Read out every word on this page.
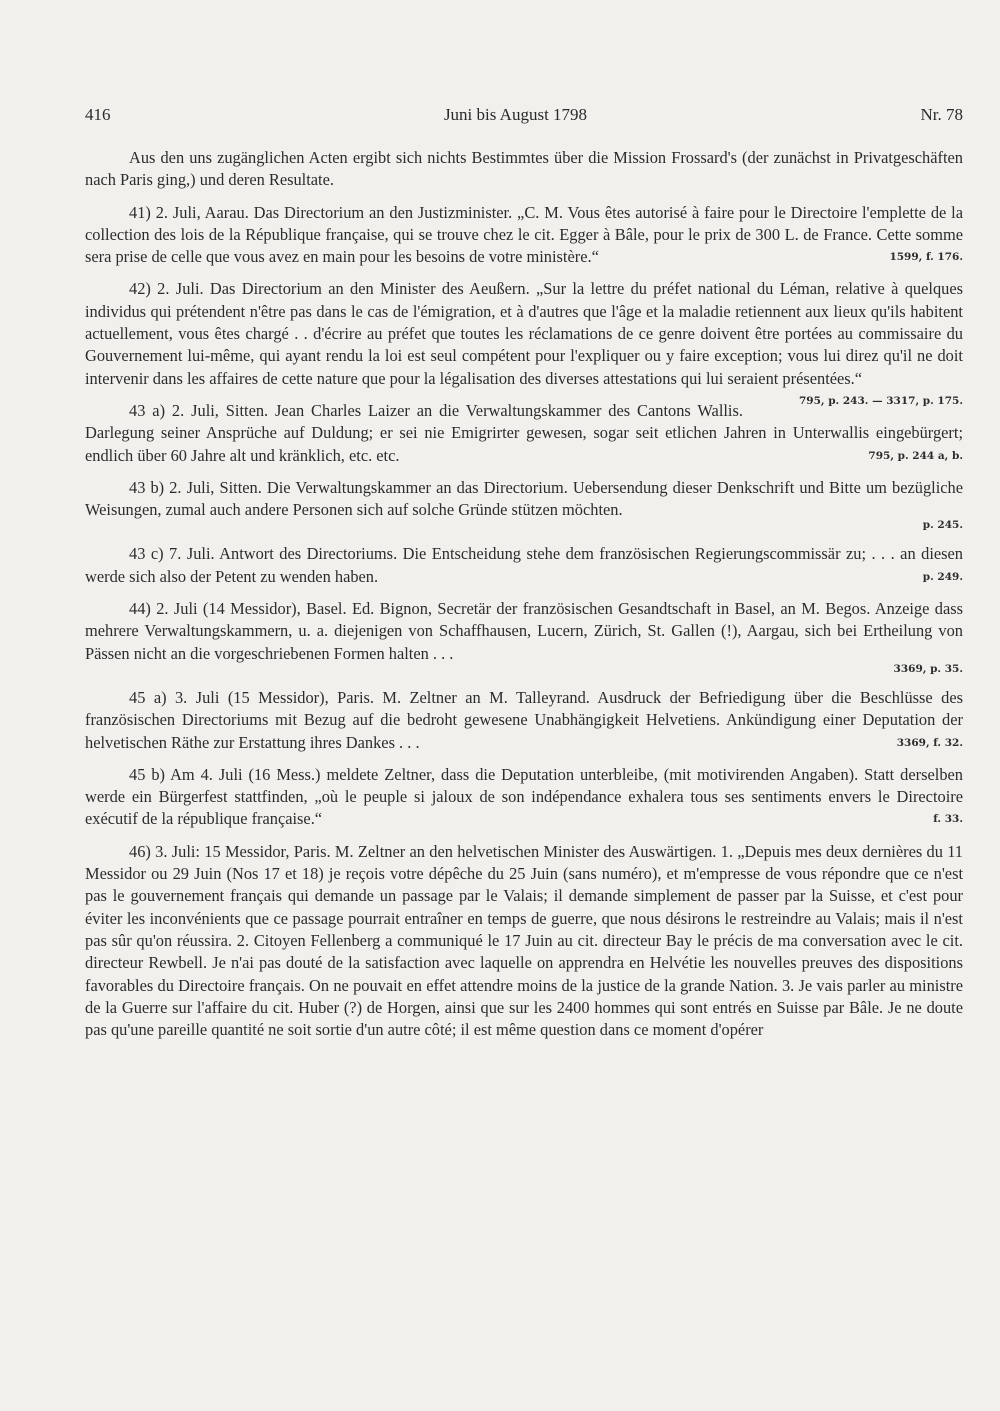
416	Juni bis August 1798	Nr. 78

Aus den uns zugänglichen Acten ergibt sich nichts Bestimmtes über die Mission Frossard's (der zunächst in Privatgeschäften nach Paris ging,) und deren Resultate.

41) 2. Juli, Aarau. Das Directorium an den Justizminister. „C. M. Vous êtes autorisé à faire pour le Directoire l'emplette de la collection des lois de la République française, qui se trouve chez le cit. Egger à Bâle, pour le prix de 300 L. de France. Cette somme sera prise de celle que vous avez en main pour les besoins de votre ministère.“	1599, f. 176.

42) 2. Juli. Das Directorium an den Minister des Aeußern. „Sur la lettre du préfet national du Léman, relative à quelques individus qui prétendent n'être pas dans le cas de l'émigration, et à d'autres que l'âge et la maladie retiennent aux lieux qu'ils habitent actuellement, vous êtes chargé . . d'écrire au préfet que toutes les réclamations de ce genre doivent être portées au commissaire du Gouvernement lui-même, qui ayant rendu la loi est seul compétent pour l'expliquer ou y faire exception; vous lui direz qu'il ne doit intervenir dans les affaires de cette nature que pour la légalisation des diverses attestations qui lui seraient présentées.“
795, p. 243. — 3317, p. 175.

43 a) 2. Juli, Sitten. Jean Charles Laizer an die Verwaltungskammer des Cantons Wallis. Darlegung seiner Ansprüche auf Duldung; er sei nie Emigrirter gewesen, sogar seit etlichen Jahren in Unterwallis eingebürgert; endlich über 60 Jahre alt und kränklich, etc. etc.	795, p. 244 a, b.

43 b) 2. Juli, Sitten. Die Verwaltungskammer an das Directorium. Uebersendung dieser Denkschrift und Bitte um bezügliche Weisungen, zumal auch andere Personen sich auf solche Gründe stützen möchten.
p. 245.

43 c) 7. Juli. Antwort des Directoriums. Die Entscheidung stehe dem französischen Regierungscommissär zu; . . . an diesen werde sich also der Petent zu wenden haben.	p. 249.

44) 2. Juli (14 Messidor), Basel. Ed. Bignon, Secretär der französischen Gesandtschaft in Basel, an M. Begos. Anzeige dass mehrere Verwaltungskammern, u. a. diejenigen von Schaffhausen, Lucern, Zürich, St. Gallen (!), Aargau, sich bei Ertheilung von Pässen nicht an die vorgeschriebenen Formen halten . . .
3369, p. 35.

45 a) 3. Juli (15 Messidor), Paris. M. Zeltner an M. Talleyrand. Ausdruck der Befriedigung über die Beschlüsse des französischen Directoriums mit Bezug auf die bedroht gewesene Unabhängigkeit Helvetiens. Ankündigung einer Deputation der helvetischen Räthe zur Erstattung ihres Dankes . . .	3369, f. 32.

45 b) Am 4. Juli (16 Mess.) meldete Zeltner, dass die Deputation unterbleibe, (mit motivirenden Angaben). Statt derselben werde ein Bürgerfest stattfinden, „où le peuple si jaloux de son indépendance exhalera tous ses sentiments envers le Directoire exécutif de la république française.“	f. 33.

46) 3. Juli: 15 Messidor, Paris. M. Zeltner an den helvetischen Minister des Auswärtigen. 1. „Depuis mes deux dernières du 11 Messidor ou 29 Juin (Nos 17 et 18) je reçois votre dépêche du 25 Juin (sans numéro), et m'empresse de vous répondre que ce n'est pas le gouvernement français qui demande un passage par le Valais; il demande simplement de passer par la Suisse, et c'est pour éviter les inconvénients que ce passage pourrait entraîner en temps de guerre, que nous désirons le restreindre au Valais; mais il n'est pas sûr qu'on réussira. 2. Citoyen Fellenberg a communiqué le 17 Juin au cit. directeur Bay le précis de ma conversation avec le cit. directeur Rewbell. Je n'ai pas douté de la satisfaction avec laquelle on apprendra en Helvétie les nouvelles preuves des dispositions favorables du Directoire français. On ne pouvait en effet attendre moins de la justice de la grande Nation. 3. Je vais parler au ministre de la Guerre sur l'affaire du cit. Huber (?) de Horgen, ainsi que sur les 2400 hommes qui sont entrés en Suisse par Bâle. Je ne doute pas qu'une pareille quantité ne soit sortie d'un autre côté; il est même question dans ce moment d'opérer
